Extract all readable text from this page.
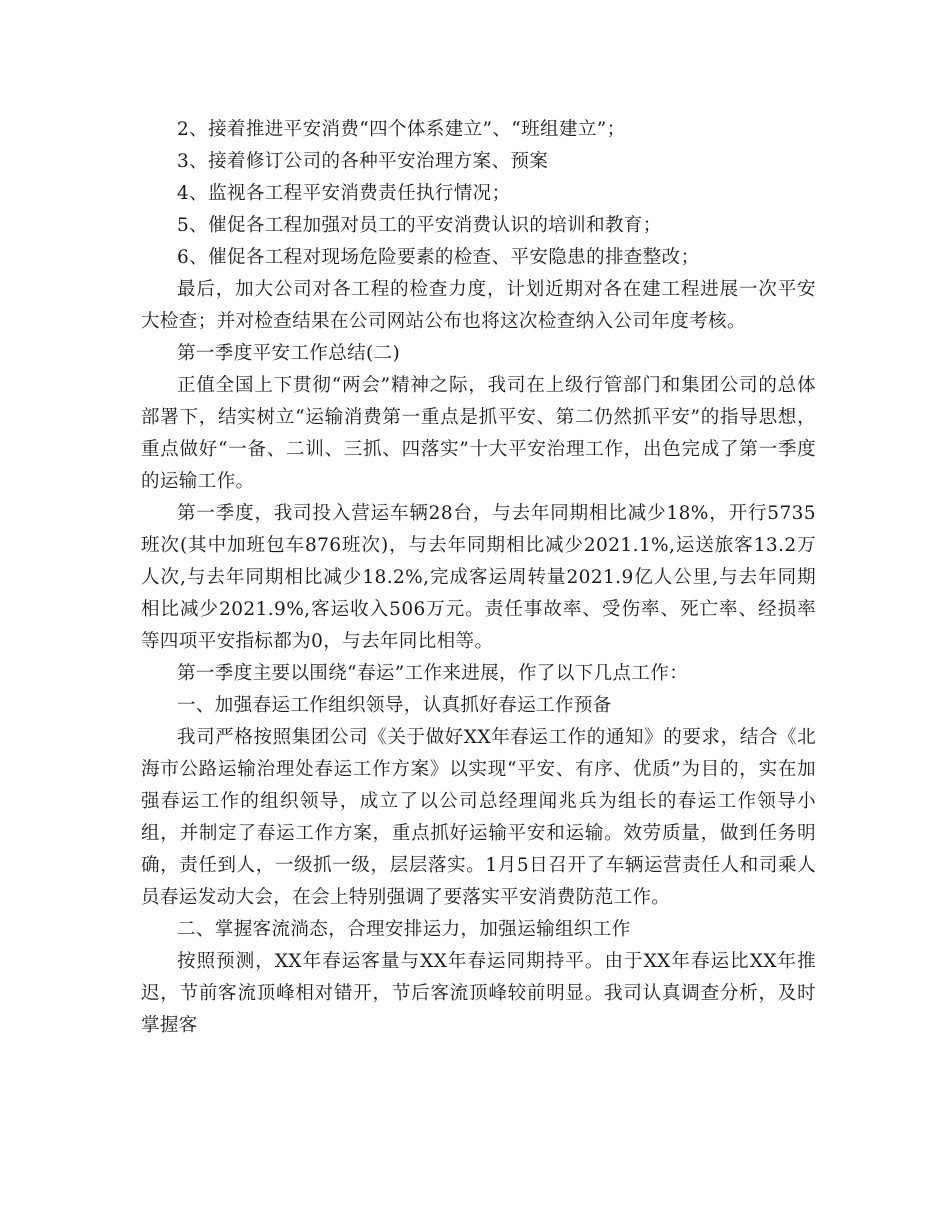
2、接着推进平安消费“四个体系建立”、“班组建立”；

3、接着修订公司的各种平安治理方案、预案

4、监视各工程平安消费责任执行情况；

5、催促各工程加强对员工的平安消费认识的培训和教育；

6、催促各工程对现场危险要素的检查、平安隐患的排查整改；

最后，加大公司对各工程的检查力度，计划近期对各在建工程进展一次平安大检查；并对检查结果在公司网站公布也将这次检查纳入公司年度考核。

第一季度平安工作总结(二)

正值全国上下贯彻“两会”精神之际，我司在上级行管部门和集团公司的总体部署下，结实树立“运输消费第一重点是抓平安、第二仍然抓平安”的指导思想，重点做好“一备、二训、三抓、四落实”十大平安治理工作，出色完成了第一季度的运输工作。

第一季度，我司投入营运车辆28台，与去年同期相比减少18%，开行5735班次(其中加班包车876班次)，与去年同期相比减少2021.1%,运送旅客13.2万人次,与去年同期相比减少18.2%,完成客运周转量2021.9亿人公里,与去年同期相比减少2021.9%,客运收入506万元。责任事故率、受伤率、死亡率、经损率等四项平安指标都为0，与去年同比相等。

第一季度主要以围绕“春运”工作来进展，作了以下几点工作：

一、加强春运工作组织领导，认真抓好春运工作预备

我司严格按照集团公司《关于做好XX年春运工作的通知》的要求，结合《北海市公路运输治理处春运工作方案》以实现“平安、有序、优质”为目的，实在加强春运工作的组织领导，成立了以公司总经理闻兆兵为组长的春运工作领导小组，并制定了春运工作方案，重点抓好运输平安和运输。效劳质量，做到任务明确，责任到人，一级抓一级，层层落实。1月5日召开了车辆运营责任人和司乘人员春运发动大会，在会上特别强调了要落实平安消费防范工作。

二、掌握客流淌态，合理安排运力，加强运输组织工作

按照预测，XX年春运客量与XX年春运同期持平。由于XX年春运比XX年推迟，节前客流顶峰相对错开，节后客流顶峰较前明显。我司认真调查分析，及时掌握客
